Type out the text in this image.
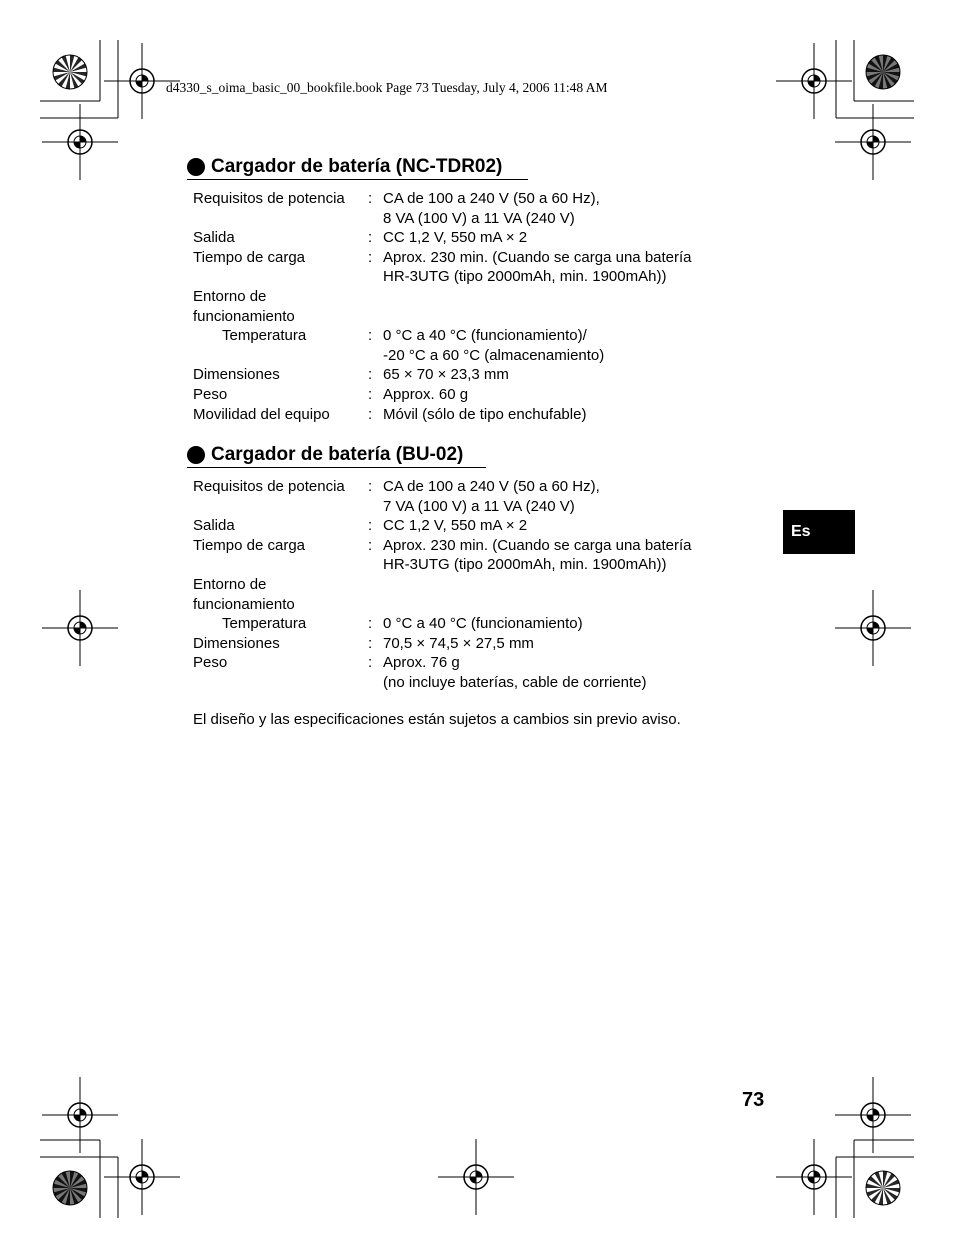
d4330_s_oima_basic_00_bookfile.book Page 73 Tuesday, July 4, 2006 11:48 AM
Cargador de batería (NC-TDR02)
Requisitos de potencia	: CA de 100 a 240 V (50 a 60 Hz),
8 VA (100 V) a 11 VA (240 V)
Salida	: CC 1,2 V, 550 mA × 2
Tiempo de carga	: Aprox. 230 min. (Cuando se carga una batería
HR-3UTG (tipo 2000mAh, min. 1900mAh))
Entorno de
funcionamiento
Temperatura	: 0 °C a 40 °C (funcionamiento)/
-20 °C a 60 °C (almacenamiento)
Dimensiones	: 65 × 70 × 23,3 mm
Peso	: Approx. 60 g
Movilidad del equipo	: Móvil (sólo de tipo enchufable)
Cargador de batería (BU-02)
Requisitos de potencia	: CA de 100 a 240 V (50 a 60 Hz),
7 VA (100 V) a 11 VA (240 V)
Salida	: CC 1,2 V, 550 mA × 2
Tiempo de carga	: Aprox. 230 min. (Cuando se carga una batería
HR-3UTG (tipo 2000mAh, min. 1900mAh))
Entorno de
funcionamiento
Temperatura	: 0 °C a 40 °C (funcionamiento)
Dimensiones	: 70,5 × 74,5 × 27,5 mm
Peso	: Aprox. 76 g
(no incluye baterías, cable de corriente)
El diseño y las especificaciones están sujetos a cambios sin previo aviso.
Es
73
